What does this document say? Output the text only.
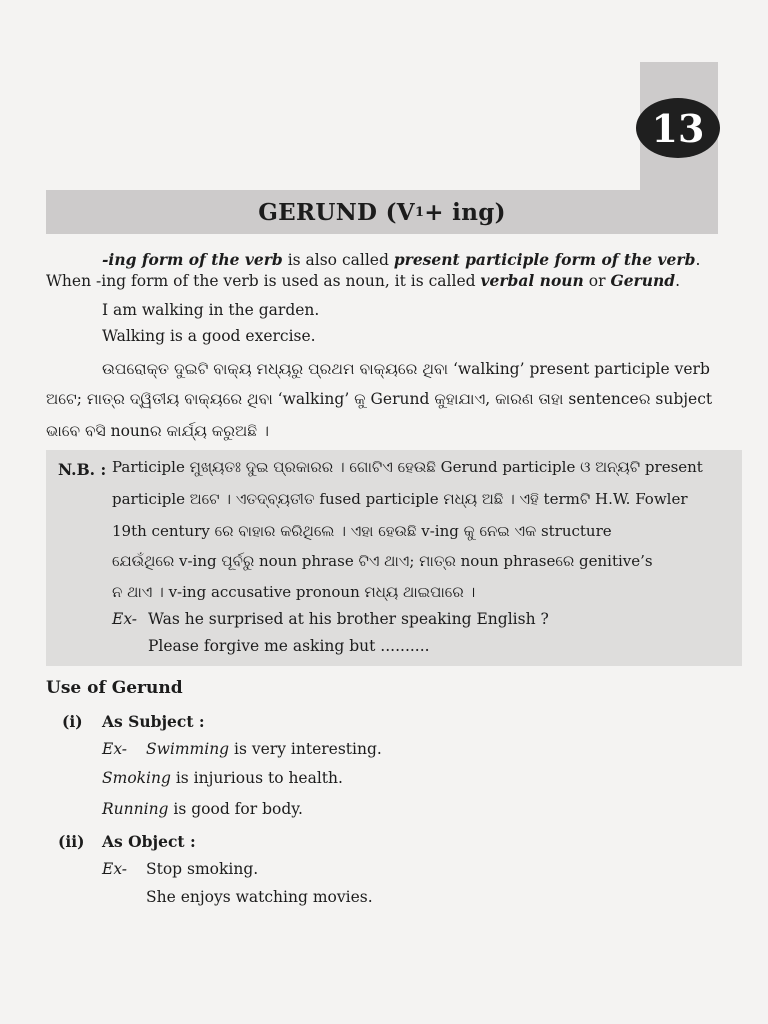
13
GERUND (V 1 + ing)
-ing form of the verb is also called present participle form of the verb.
When -ing form of the verb is used as noun, it is called verbal noun or Gerund.
I am walking in the garden.
Walking is a good exercise.
ଉପରୋକ୍ତ ଦୁଇଟି ବାକ୍ୟ ମଧ୍ୟରୁ ପ୍ରଥମ ବାକ୍ୟରେ ଥିବା ‘walking’ present participle verb
ଅଟେ; ମାତ୍ର ଦ୍ୱିତୀୟ ବାକ୍ୟରେ ଥିବା ‘walking’ କୁ Gerund କୁହାଯାଏ, କାରଣ ତାହା sentenceର subject
ଭାବେ ବସି nounର କାର୍ଯ୍ୟ କରୁଅଛି ।
N.B. : Participle ମୁଖ୍ୟତଃ ଦୁଇ ପ୍ରକାରର । ଗୋଟିଏ ହେଉଛି Gerund participle ଓ ଅନ୍ୟଟି present
participle ଅଟେ । ଏତଦ୍ବ୍ୟତୀତ fused participle ମଧ୍ୟ ଅଛି । ଏହି termଟି H.W. Fowler
19th century ରେ ବାହାର କରିଥିଲେ । ଏହା ହେଉଛି v-ing କୁ ନେଇ ଏକ structure
ଯେଉଁଥିରେ v-ing ପୂର୍ବରୁ noun phrase ଟିଏ ଥାଏ; ମାତ୍ର noun phraseରେ genitive’s
ନ ଥାଏ । v-ing accusative pronoun ମଧ୍ୟ ଥାଇପାରେ ।
Ex- Was he surprised at his brother speaking English ?
Please forgive me asking but ..........
Use of Gerund
(i) As Subject :
Ex- Swimming is very interesting.
Smoking is injurious to health.
Running is good for body.
(ii) As Object :
Ex- Stop smoking.
She enjoys watching movies.
